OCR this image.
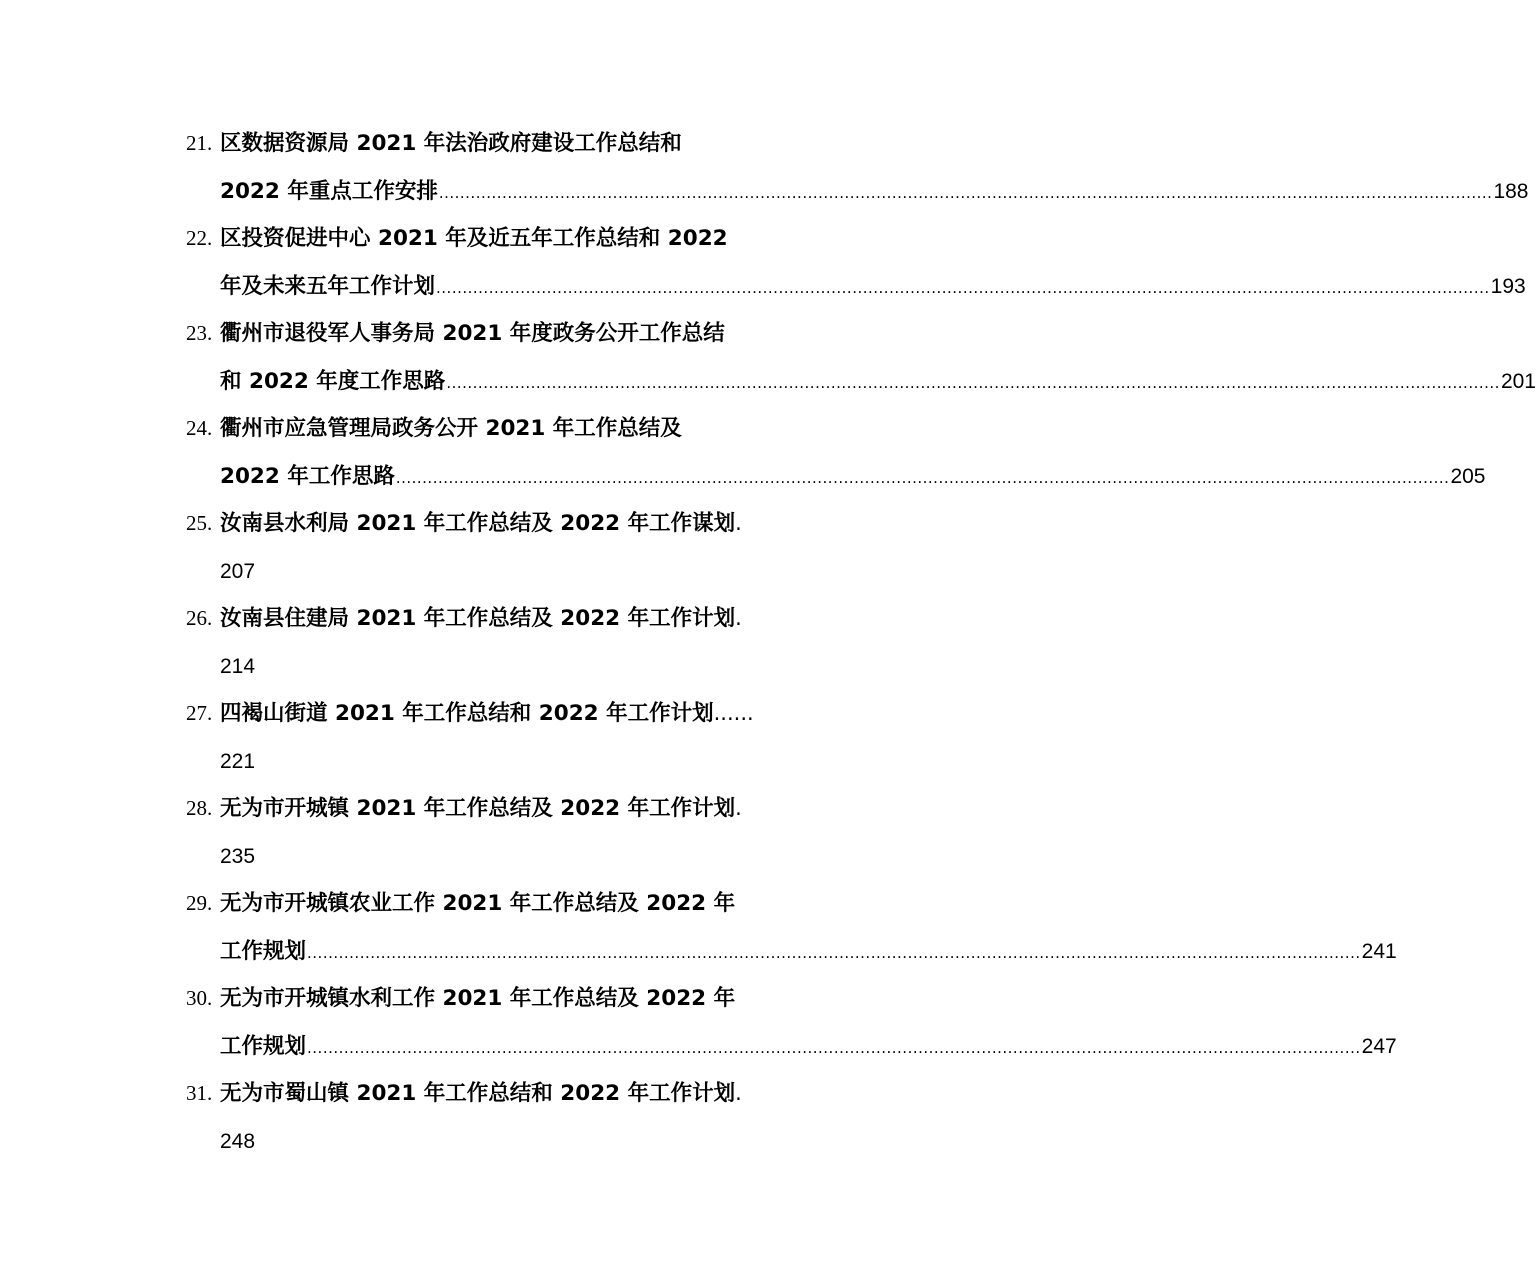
21. 区数据资源局 2021 年法治政府建设工作总结和
2022 年重点工作安排 ........................................................................................................................................................................................................ 188
22. 区投资促进中心 2021 年及近五年工作总结和 2022
年及未来五年工作计划 ........................................................................................................................................................................................................ 193
23. 衢州市退役军人事务局 2021 年度政务公开工作总结
和 2022 年度工作思路 ........................................................................................................................................................................................................ 201
24. 衢州市应急管理局政务公开 2021 年工作总结及
2022 年工作思路 ........................................................................................................................................................................................................ 205
25. 汝南县水利局 2021 年工作总结及 2022 年工作谋划 .
207
26. 汝南县住建局 2021 年工作总结及 2022 年工作计划 .
214
27. 四褐山街道 2021 年工作总结和 2022 年工作计划 ......
221
28. 无为市开城镇 2021 年工作总结及 2022 年工作计划 .
235
29. 无为市开城镇农业工作 2021 年工作总结及 2022 年
工作规划 ........................................................................................................................................................................................................ 241
30. 无为市开城镇水利工作 2021 年工作总结及 2022 年
工作规划 ........................................................................................................................................................................................................ 247
31. 无为市蜀山镇 2021 年工作总结和 2022 年工作计划 .
248
